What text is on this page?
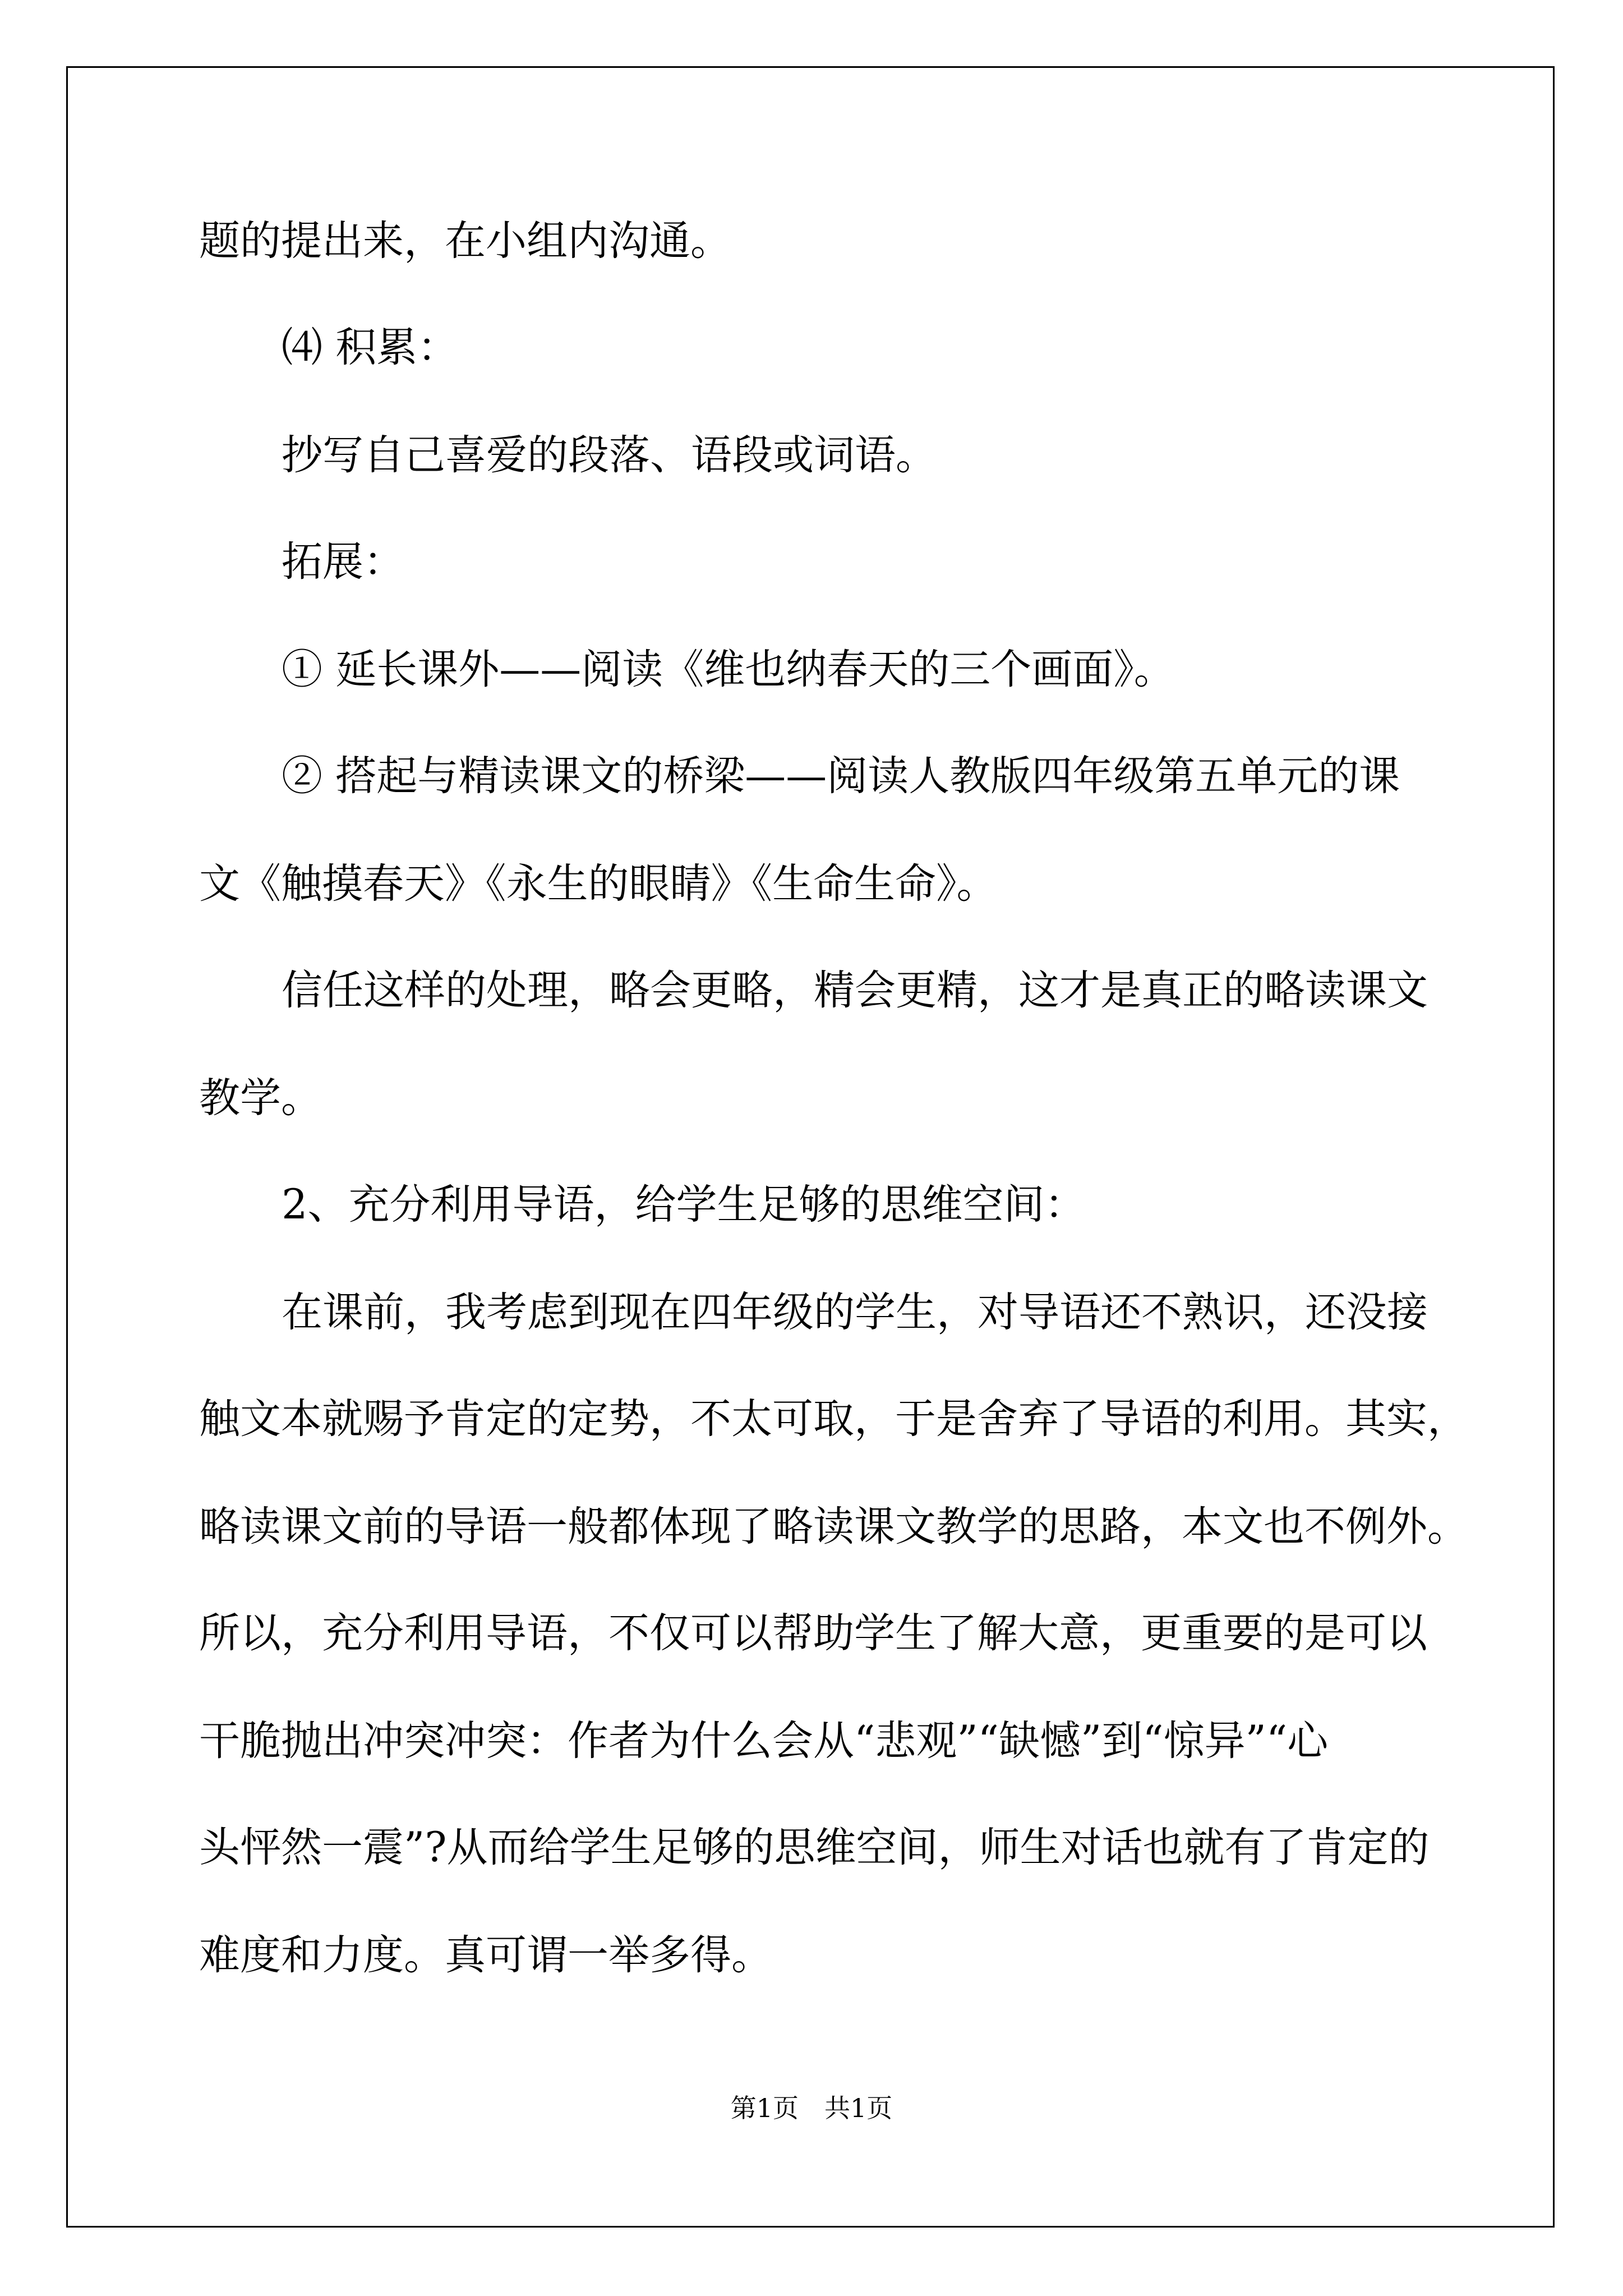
题的提出来，在小组内沟通。

⑷ 积累：

抄写自己喜爱的段落、语段或词语。

拓展：

① 延长课外——阅读《维也纳春天的三个画面》。

② 搭起与精读课文的桥梁——阅读人教版四年级第五单元的课

文《触摸春天》《永生的眼睛》《生命生命》。

信任这样的处理，略会更略，精会更精，这才是真正的略读课文

教学。

2、充分利用导语，给学生足够的思维空间：

在课前，我考虑到现在四年级的学生，对导语还不熟识，还没接

触文本就赐予肯定的定势，不太可取，于是舍弃了导语的利用。其实，

略读课文前的导语一般都体现了略读课文教学的思路，本文也不例外。

所以，充分利用导语，不仅可以帮助学生了解大意，更重要的是可以

干脆抛出冲突冲突：作者为什么会从“悲观”“缺憾”到“惊异”“心

头怦然一震”?从而给学生足够的思维空间，师生对话也就有了肯定的

难度和力度。真可谓一举多得。

第1页　共1页
